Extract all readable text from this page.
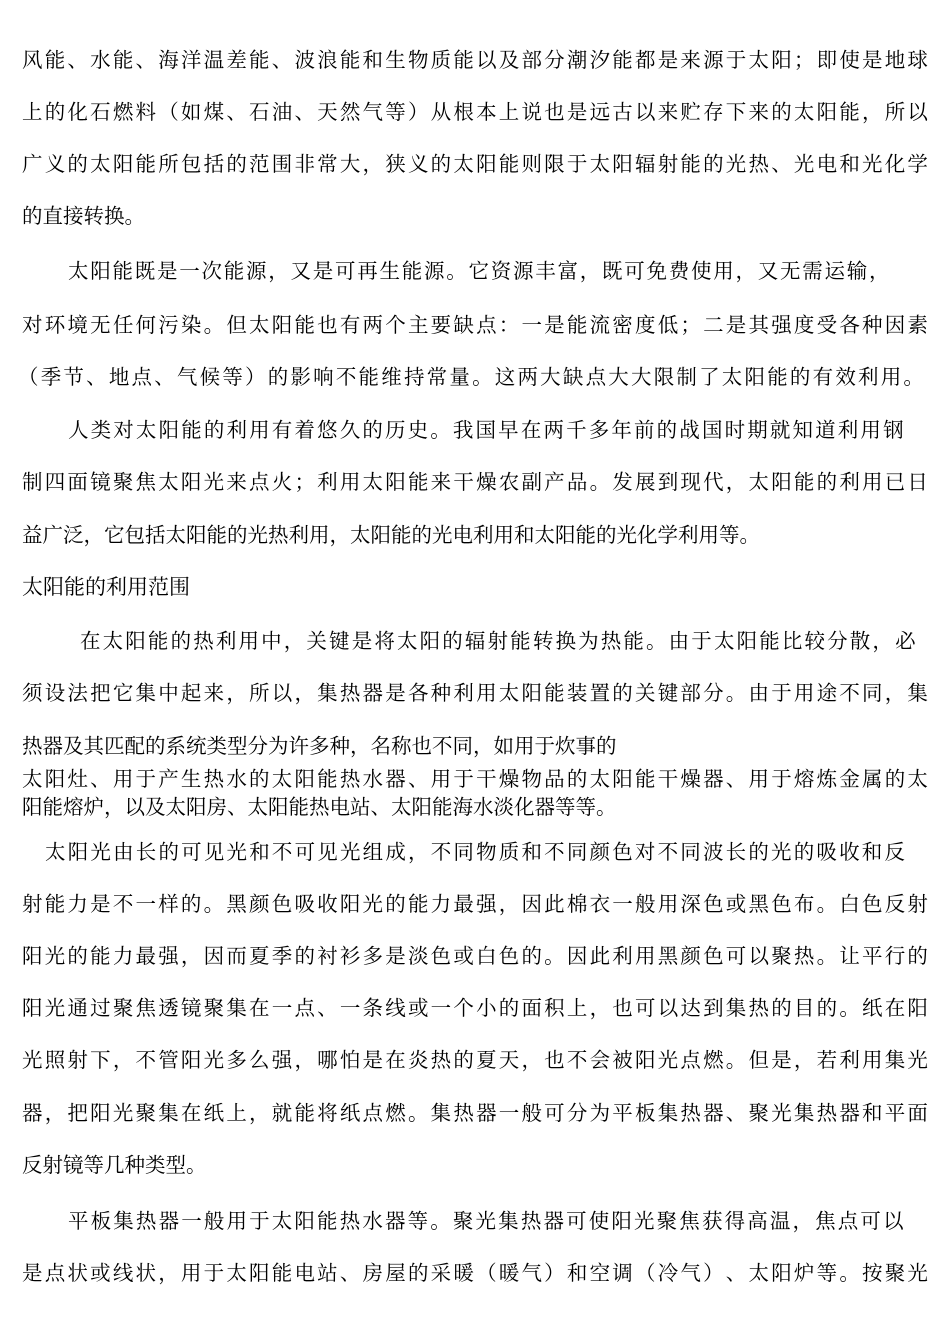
风 能 、 水 能 、 海 洋 温 差 能 、 波 浪 能 和 生 物 质 能 以 及 部 分 潮 汐 能 都 是 来 源 于 太 阳 ； 即 使 是 地 球
上 的 化 石 燃 料 （ 如 煤 、 石 油 、 天 然 气 等 ） 从 根 本 上 说 也 是 远 古 以 来 贮 存 下 来 的 太 阳 能 ， 所 以
广 义 的 太 阳 能 所 包 括 的 范 围 非 常 大 ， 狭 义 的 太 阳 能 则 限 于 太 阳 辐 射 能 的 光 热 、 光 电 和 光 化 学
的直接转换。
太 阳 能 既 是 一 次 能 源 ， 又 是 可 再 生 能 源 。 它 资 源 丰 富 ， 既 可 免 费 使 用 ， 又 无 需 运 输 ，
对 环 境 无 任 何 污 染 。 但 太 阳 能 也 有 两 个 主 要 缺 点 ： 一 是 能 流 密 度 低 ； 二 是 其 强 度 受 各 种 因 素
（ 季 节 、 地 点 、 气 候 等 ） 的 影 响 不 能 维 持 常 量 。 这 两 大 缺 点 大 大 限 制 了 太 阳 能 的 有 效 利 用 。
人 类 对 太 阳 能 的 利 用 有 着 悠 久 的 历 史 。 我 国 早 在 两 千 多 年 前 的 战 国 时 期 就 知 道 利 用 钢
制 四 面 镜 聚 焦 太 阳 光 来 点 火 ； 利 用 太 阳 能 来 干 燥 农 副 产 品 。 发 展 到 现 代 ， 太 阳 能 的 利 用 已 日
益广泛，它包括太阳能的光热利用，太阳能的光电利用和太阳能的光化学利用等。
太阳能的利用范围
在 太 阳 能 的 热 利 用 中 ， 关 键 是 将 太 阳 的 辐 射 能 转 换 为 热 能 。 由 于 太 阳 能 比 较 分 散 ， 必
须 设 法 把 它 集 中 起 来 ， 所 以 ， 集 热 器 是 各 种 利 用 太 阳 能 装 置 的 关 键 部 分 。 由 于 用 途 不 同 ， 集
热器及其匹配的系统类型分为许多种，名称也不同，如用于炊事的
太 阳 灶 、 用 于 产 生 热 水 的 太 阳 能 热 水 器 、 用 于 干 燥 物 品 的 太 阳 能 干 燥 器 、 用 于 熔 炼 金 属 的 太
阳能熔炉，以及太阳房、太阳能热电站、太阳能海水淡化器等等。
太 阳 光 由 长 的 可 见 光 和 不 可 见 光 组 成 ， 不 同 物 质 和 不 同 颜 色 对 不 同 波 长 的 光 的 吸 收 和 反
射 能 力 是 不 一 样 的 。 黑 颜 色 吸 收 阳 光 的 能 力 最 强 ， 因 此 棉 衣 一 般 用 深 色 或 黑 色 布 。 白 色 反 射
阳 光 的 能 力 最 强 ， 因 而 夏 季 的 衬 衫 多 是 淡 色 或 白 色 的 。 因 此 利 用 黑 颜 色 可 以 聚 热 。 让 平 行 的
阳 光 通 过 聚 焦 透 镜 聚 集 在 一 点 、 一 条 线 或 一 个 小 的 面 积 上 ， 也 可 以 达 到 集 热 的 目 的 。 纸 在 阳
光 照 射 下 ， 不 管 阳 光 多 么 强 ， 哪 怕 是 在 炎 热 的 夏 天 ， 也 不 会 被 阳 光 点 燃 。 但 是 ， 若 利 用 集 光
器 ， 把 阳 光 聚 集 在 纸 上 ， 就 能 将 纸 点 燃 。 集 热 器 一 般 可 分 为 平 板 集 热 器 、 聚 光 集 热 器 和 平 面
反射镜等几种类型。
平 板 集 热 器 一 般 用 于 太 阳 能 热 水 器 等 。 聚 光 集 热 器 可 使 阳 光 聚 焦 获 得 高 温 ， 焦 点 可 以
是 点 状 或 线 状 ， 用 于 太 阳 能 电 站 、 房 屋 的 采 暖 （ 暖 气 ） 和 空 调 （ 冷 气 ） 、 太 阳 炉 等 。 按 聚 光
